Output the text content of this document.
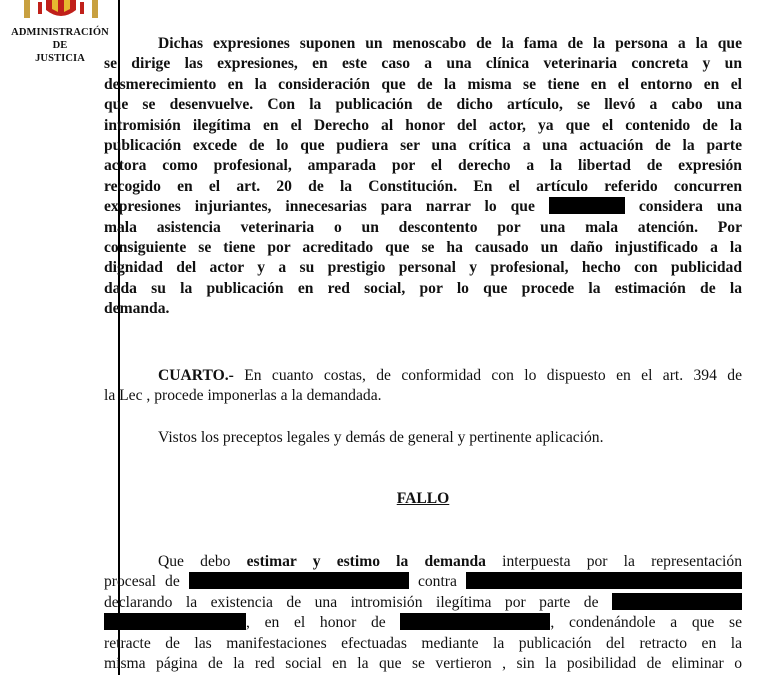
ADMINISTRACIÓN
DE
JUSTICIA
Dichas expresiones suponen un menoscabo de la fama de la persona a la que
se dirige las expresiones, en este caso a una clínica veterinaria concreta y un
desmerecimiento en la consideración que de la misma se tiene en el entorno en el
que se desenvuelve. Con la publicación de dicho artículo, se llevó a cabo una
intromisión ilegítima en el Derecho al honor del actor, ya que el contenido de la
publicación excede de lo que pudiera ser una crítica a una actuación de la parte
actora como profesional, amparada por el derecho a la libertad de expresión
recogido en el art. 20 de la Constitución. En el artículo referido concurren
expresiones injuriantes, innecesarias para narrar lo que	considera una
mala asistencia veterinaria o un descontento por una mala atención. Por
consiguiente se tiene por acreditado que se ha causado un daño injustificado a la
dignidad del actor y a su prestigio personal y profesional, hecho con publicidad
dada su la publicación en red social, por lo que procede la estimación de la
demanda.
CUARTO.- En cuanto costas, de conformidad con lo dispuesto en el art. 394 de
la Lec , procede imponerlas a la demandada.
Vistos los preceptos legales y demás de general y pertinente aplicación.
FALLO
Que debo estimar y estimo la demanda interpuesta por la representación
procesal de	contra
declarando la existencia de una intromisión ilegítima por parte de
, en el honor de	, condenándole a que se
retracte de las manifestaciones efectuadas mediante la publicación del retracto en la
misma página de la red social en la que se vertieron , sin la posibilidad de eliminar o
